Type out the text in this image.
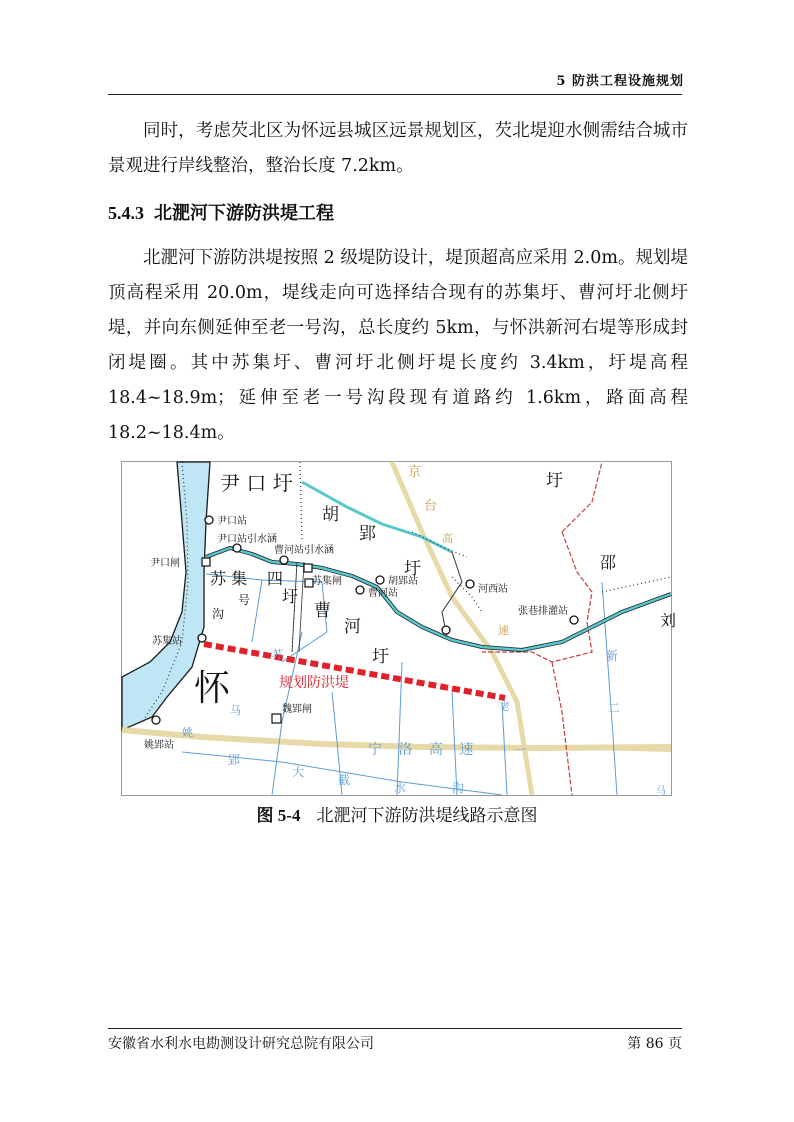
5 防洪工程设施规划
同时，考虑芡北区为怀远县城区远景规划区，芡北堤迎水侧需结合城市景观进行岸线整治，整治长度 7.2km。
5.4.3 北淝河下游防洪堤工程
北淝河下游防洪堤按照 2 级堤防设计，堤顶超高应采用 2.0m。规划堤顶高程采用 20.0m，堤线走向可选择结合现有的苏集圩、曹河圩北侧圩堤，并向东侧延伸至老一号沟，总长度约 5km，与怀洪新河右堤等形成封闭堤圈。其中苏集圩、曹河圩北侧圩堤长度约 3.4km，圩堤高程 18.4~18.9m；延伸至老一号沟段现有道路约 1.6km，路面高程 18.2~18.4m。
尹 口 圩
胡
郢
圩
圩
尹口站
尹口站引水涵
曹河站引水涵
尹口闸
苏集闸	胡郢站
曹河站	河西站
张巷排灌站
苏集站
魏郢闸
姚郢站
苏 集 四
号
沟
圩
曹
河
圩
怀	规划防洪堤
京
台
高
速
邵
刘
新
二
老
马
苏
姚
郢
大
截
水	沟
宁 洛 高 速	一
马
图 5-4 北淝河下游防洪堤线路示意图
安徽省水利水电勘测设计研究总院有限公司	第 86 页
